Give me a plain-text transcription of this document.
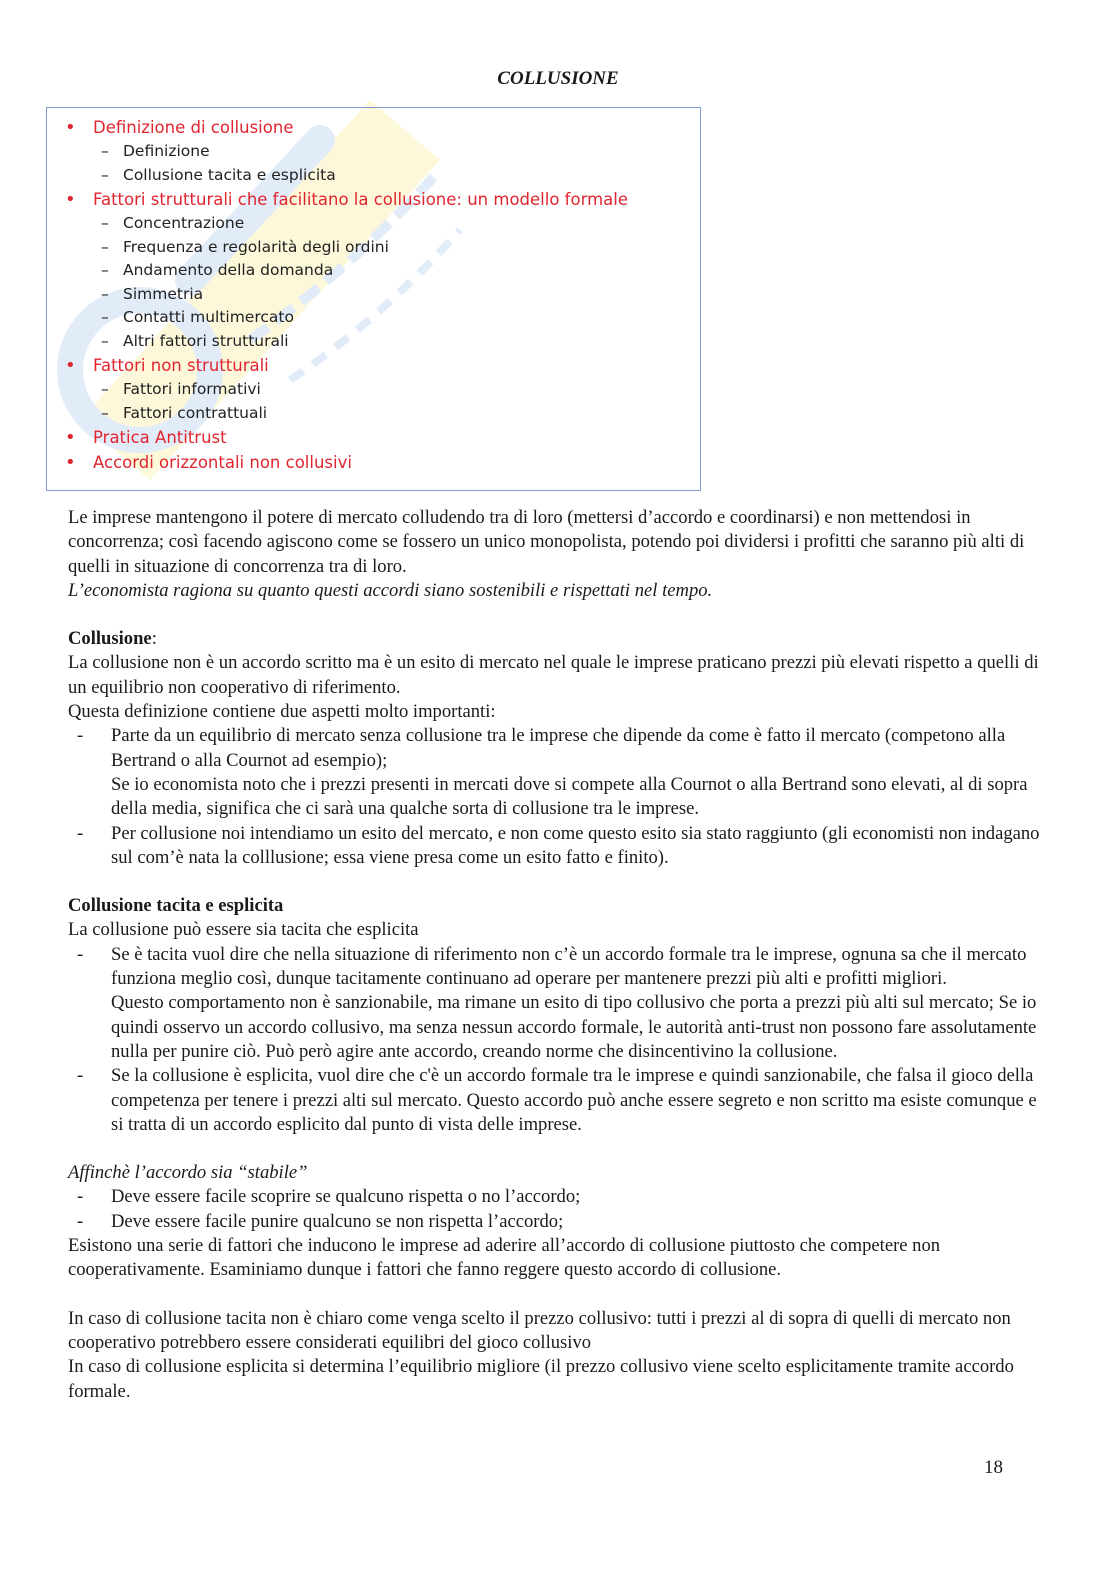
COLLUSIONE
•	Definizione di collusione
– Definizione
– Collusione tacita e esplicita
•	Fattori strutturali che facilitano la collusione: un modello formale
– Concentrazione
– Frequenza e regolarità degli ordini
– Andamento della domanda
– Simmetria
– Contatti multimercato
– Altri fattori strutturali
•	Fattori non strutturali
– Fattori informativi
– Fattori contrattuali
•	Pratica Antitrust
•	Accordi orizzontali non collusivi

Le imprese mantengono il potere di mercato colludendo tra di loro (mettersi d’accordo e coordinarsi) e non mettendosi in concorrenza; così facendo agiscono come se fossero un unico monopolista, potendo poi dividersi i profitti che saranno più alti di quelli in situazione di concorrenza tra di loro.

L’economista ragiona su quanto questi accordi siano sostenibili e rispettati nel tempo.

Collusione:

La collusione non è un accordo scritto ma è un esito di mercato nel quale le imprese praticano prezzi più elevati rispetto a quelli di un equilibrio non cooperativo di riferimento.

Questa definizione contiene due aspetti molto importanti:

- Parte da un equilibrio di mercato senza collusione tra le imprese che dipende da come è fatto il mercato (competono alla Bertrand o alla Cournot ad esempio);
Se io economista noto che i prezzi presenti in mercati dove si compete alla Cournot o alla Bertrand sono elevati, al di sopra della media, significa che ci sarà una qualche sorta di collusione tra le imprese.
- Per collusione noi intendiamo un esito del mercato, e non come questo esito sia stato raggiunto (gli economisti non indagano sul com’è nata la colllusione; essa viene presa come un esito fatto e finito).

Collusione tacita e esplicita

La collusione può essere sia tacita che esplicita

- Se è tacita vuol dire che nella situazione di riferimento non c’è un accordo formale tra le imprese, ognuna sa che il mercato funziona meglio così, dunque tacitamente continuano ad operare per mantenere prezzi più alti e profitti migliori.
Questo comportamento non è sanzionabile, ma rimane un esito di tipo collusivo che porta a prezzi più alti sul mercato; Se io quindi osservo un accordo collusivo, ma senza nessun accordo formale, le autorità anti-trust non possono fare assolutamente nulla per punire ciò. Può però agire ante accordo, creando norme che disincentivino la collusione.
- Se la collusione è esplicita, vuol dire che c'è un accordo formale tra le imprese e quindi sanzionabile, che falsa il gioco della competenza per tenere i prezzi alti sul mercato. Questo accordo può anche essere segreto e non scritto ma esiste comunque e si tratta di un accordo esplicito dal punto di vista delle imprese.

Affinchè l’accordo sia “stabile”

- Deve essere facile scoprire se qualcuno rispetta o no l’accordo;
- Deve essere facile punire qualcuno se non rispetta l’accordo;

Esistono una serie di fattori che inducono le imprese ad aderire all’accordo di collusione piuttosto che competere non cooperativamente. Esaminiamo dunque i fattori che fanno reggere questo accordo di collusione.

In caso di collusione tacita non è chiaro come venga scelto il prezzo collusivo: tutti i prezzi al di sopra di quelli di mercato non cooperativo potrebbero essere considerati equilibri del gioco collusivo

In caso di collusione esplicita si determina l’equilibrio migliore (il prezzo collusivo viene scelto esplicitamente tramite accordo formale.

18
